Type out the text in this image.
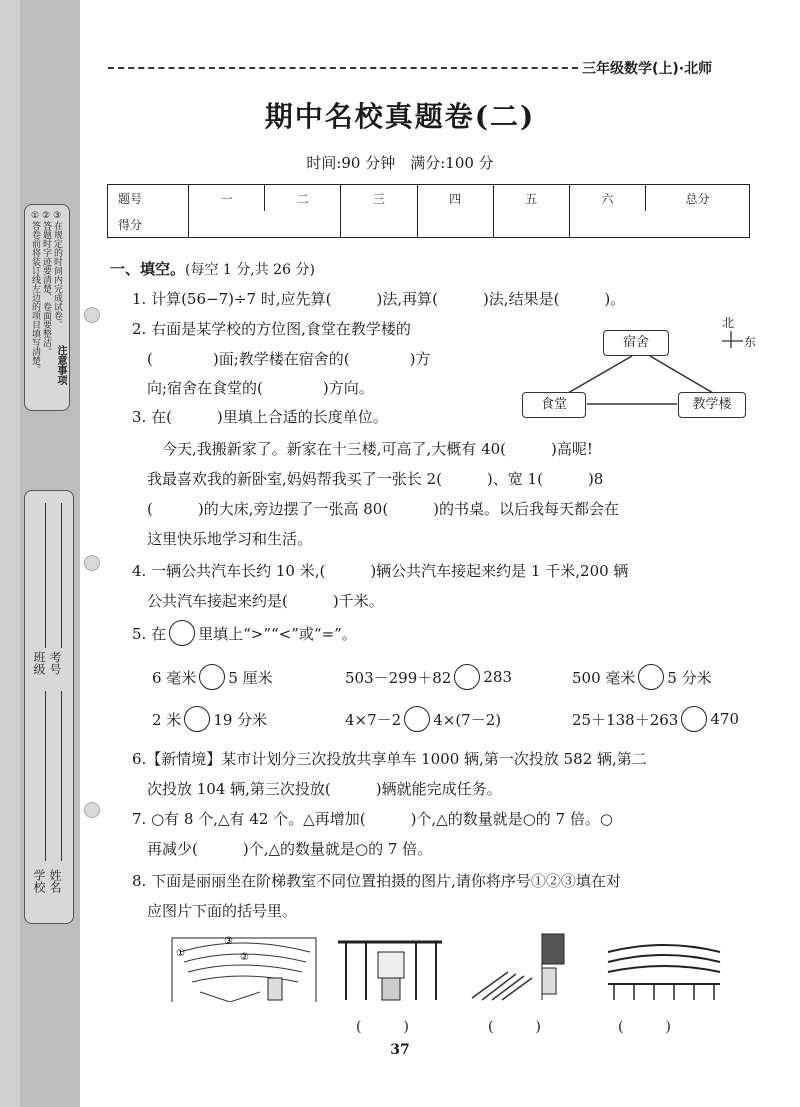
注意事项
①答卷前将装订线左边的项目填写清楚。 ②答题时字迹要清楚、卷面要整洁。 ③在规定的时间内完成试卷。
学校 姓名
班级 考号
三年级数学(上)·北师
期中名校真题卷(二)
时间:90 分钟　满分:100 分
题号	一	二	三	四	五	六	总分
得分							
一、填空。(每空 1 分,共 26 分)
1. 计算(56−7)÷7 时,应先算(　　　)法,再算(　　　)法,结果是(　　　)。
2. 右面是某学校的方位图,食堂在教学楼的
　(　　　　)面;教学楼在宿舍的(　　　　)方
　向;宿舍在食堂的(　　　　)方向。
宿舍
食堂	教学楼
北
东
3. 在(　　　)里填上合适的长度单位。
　　今天,我搬新家了。新家在十三楼,可高了,大概有 40(　　　)高呢!
　我最喜欢我的新卧室,妈妈帮我买了一张长 2(　　　)、宽 1(　　　)8
　(　　　)的大床,旁边摆了一张高 80(　　　)的书桌。以后我每天都会在
　这里快乐地学习和生活。
4. 一辆公共汽车长约 10 米,(　　　)辆公共汽车接起来约是 1 千米,200 辆
　公共汽车接起来约是(　　　)千米。
5. 在 里填上“>”“<”或“=”。
6 毫米 5 厘米	503－299＋82 283	500 毫米 5 分米
2 米 19 分米	4×7－2 4×(7－2)	25＋138＋263 470
6.【新情境】某市计划分三次投放共享单车 1000 辆,第一次投放 582 辆,第二
　次投放 104 辆,第三次投放(　　　)辆就能完成任务。
7. ○有 8 个,△有 42 个。△再增加(　　　)个,△的数量就是○的 7 倍。○
　再减少(　　　)个,△的数量就是○的 7 倍。
8. 下面是丽丽坐在阶梯教室不同位置拍摄的图片,请你将序号①②③填在对
　应图片下面的括号里。
①	②
③
(　　　)	(　　　)	(　　　)
37
